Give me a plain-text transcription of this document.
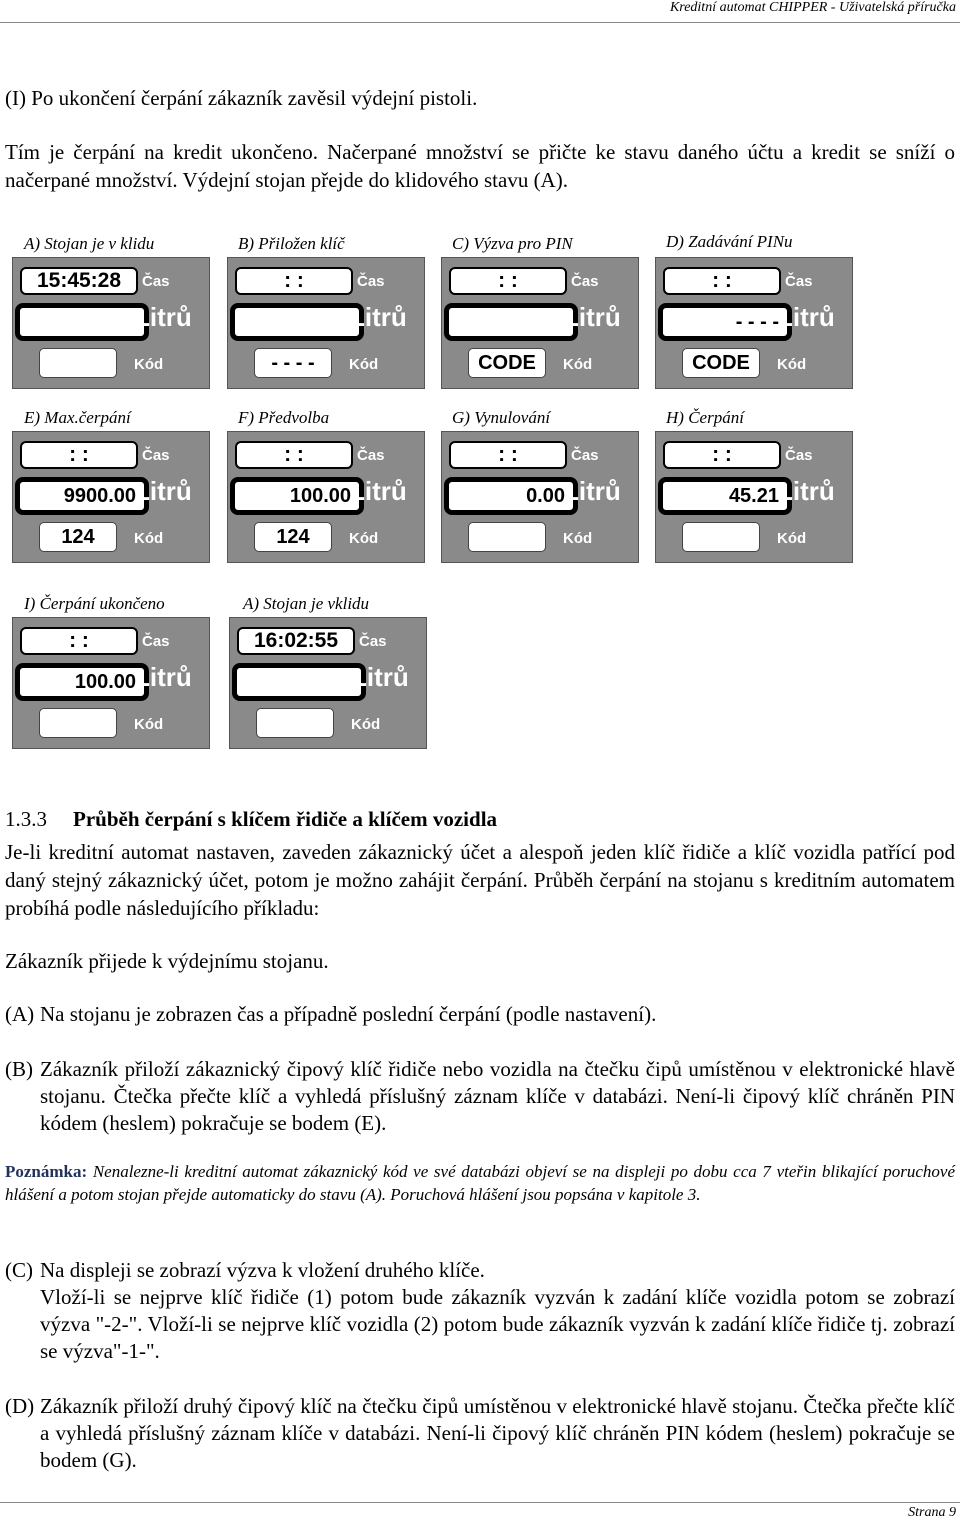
Kreditní automat CHIPPER - Uživatelská příručka

(I) Po ukončení čerpání zákazník zavěsil výdejní pistoli.

Tím je čerpání na kredit ukončeno. Načerpané množství se přičte ke stavu daného účtu a kredit se sníží o načerpané množství. Výdejní stojan přejde do klidového stavu (A).

A) Stojan je v klidu
15:45:28	Čas
Litrů
Kód
B) Přiložen klíč
: :	Čas
Litrů
- - - -	Kód
C) Výzva pro PIN
: :	Čas
Litrů
CODE	Kód
D) Zadávání PINu
: :	Čas
- - - -
Litrů
CODE	Kód
E) Max.čerpání
: :	Čas
9900.00
Litrů
124	Kód
F) Předvolba
: :	Čas
100.00
Litrů
124	Kód
G) Vynulování
: :	Čas
0.00
Litrů
Kód
H) Čerpání
: :	Čas
45.21
Litrů
Kód
I) Čerpání ukončeno
: :	Čas
100.00
Litrů
Kód
A) Stojan je vklidu
16:02:55	Čas
Litrů
Kód
1.3.3 Průběh čerpání s klíčem řidiče a klíčem vozidla

Je-li kreditní automat nastaven, zaveden zákaznický účet a alespoň jeden klíč řidiče a klíč vozidla patřící pod daný stejný zákaznický účet, potom je možno zahájit čerpání. Průběh čerpání na stojanu s kreditním automatem probíhá podle následujícího příkladu:

Zákazník přijede k výdejnímu stojanu.

(A) Na stojanu je zobrazen čas a případně poslední čerpání (podle nastavení).
(B) Zákazník přiloží zákaznický čipový klíč řidiče nebo vozidla na čtečku čipů umístěnou v elektronické hlavě stojanu. Čtečka přečte klíč a vyhledá příslušný záznam klíče v databázi. Není-li čipový klíč chráněn PIN kódem (heslem) pokračuje se bodem (E).
Poznámka: Nenalezne-li kreditní automat zákaznický kód ve své databázi objeví se na displeji po dobu cca 7 vteřin blikající poruchové hlášení a potom stojan přejde automaticky do stavu (A). Poruchová hlášení jsou popsána v kapitole 3.
(C) Na displeji se zobrazí výzva k vložení druhého klíče.
Vloží-li se nejprve klíč řidiče (1) potom bude zákazník vyzván k zadání klíče vozidla potom se zobrazí výzva "-2-". Vloží-li se nejprve klíč vozidla (2) potom bude zákazník vyzván k zadání klíče řidiče tj. zobrazí se výzva"-1-".
(D) Zákazník přiloží druhý čipový klíč na čtečku čipů umístěnou v elektronické hlavě stojanu. Čtečka přečte klíč a vyhledá příslušný záznam klíče v databázi. Není-li čipový klíč chráněn PIN kódem (heslem) pokračuje se bodem (G).
Strana 9
